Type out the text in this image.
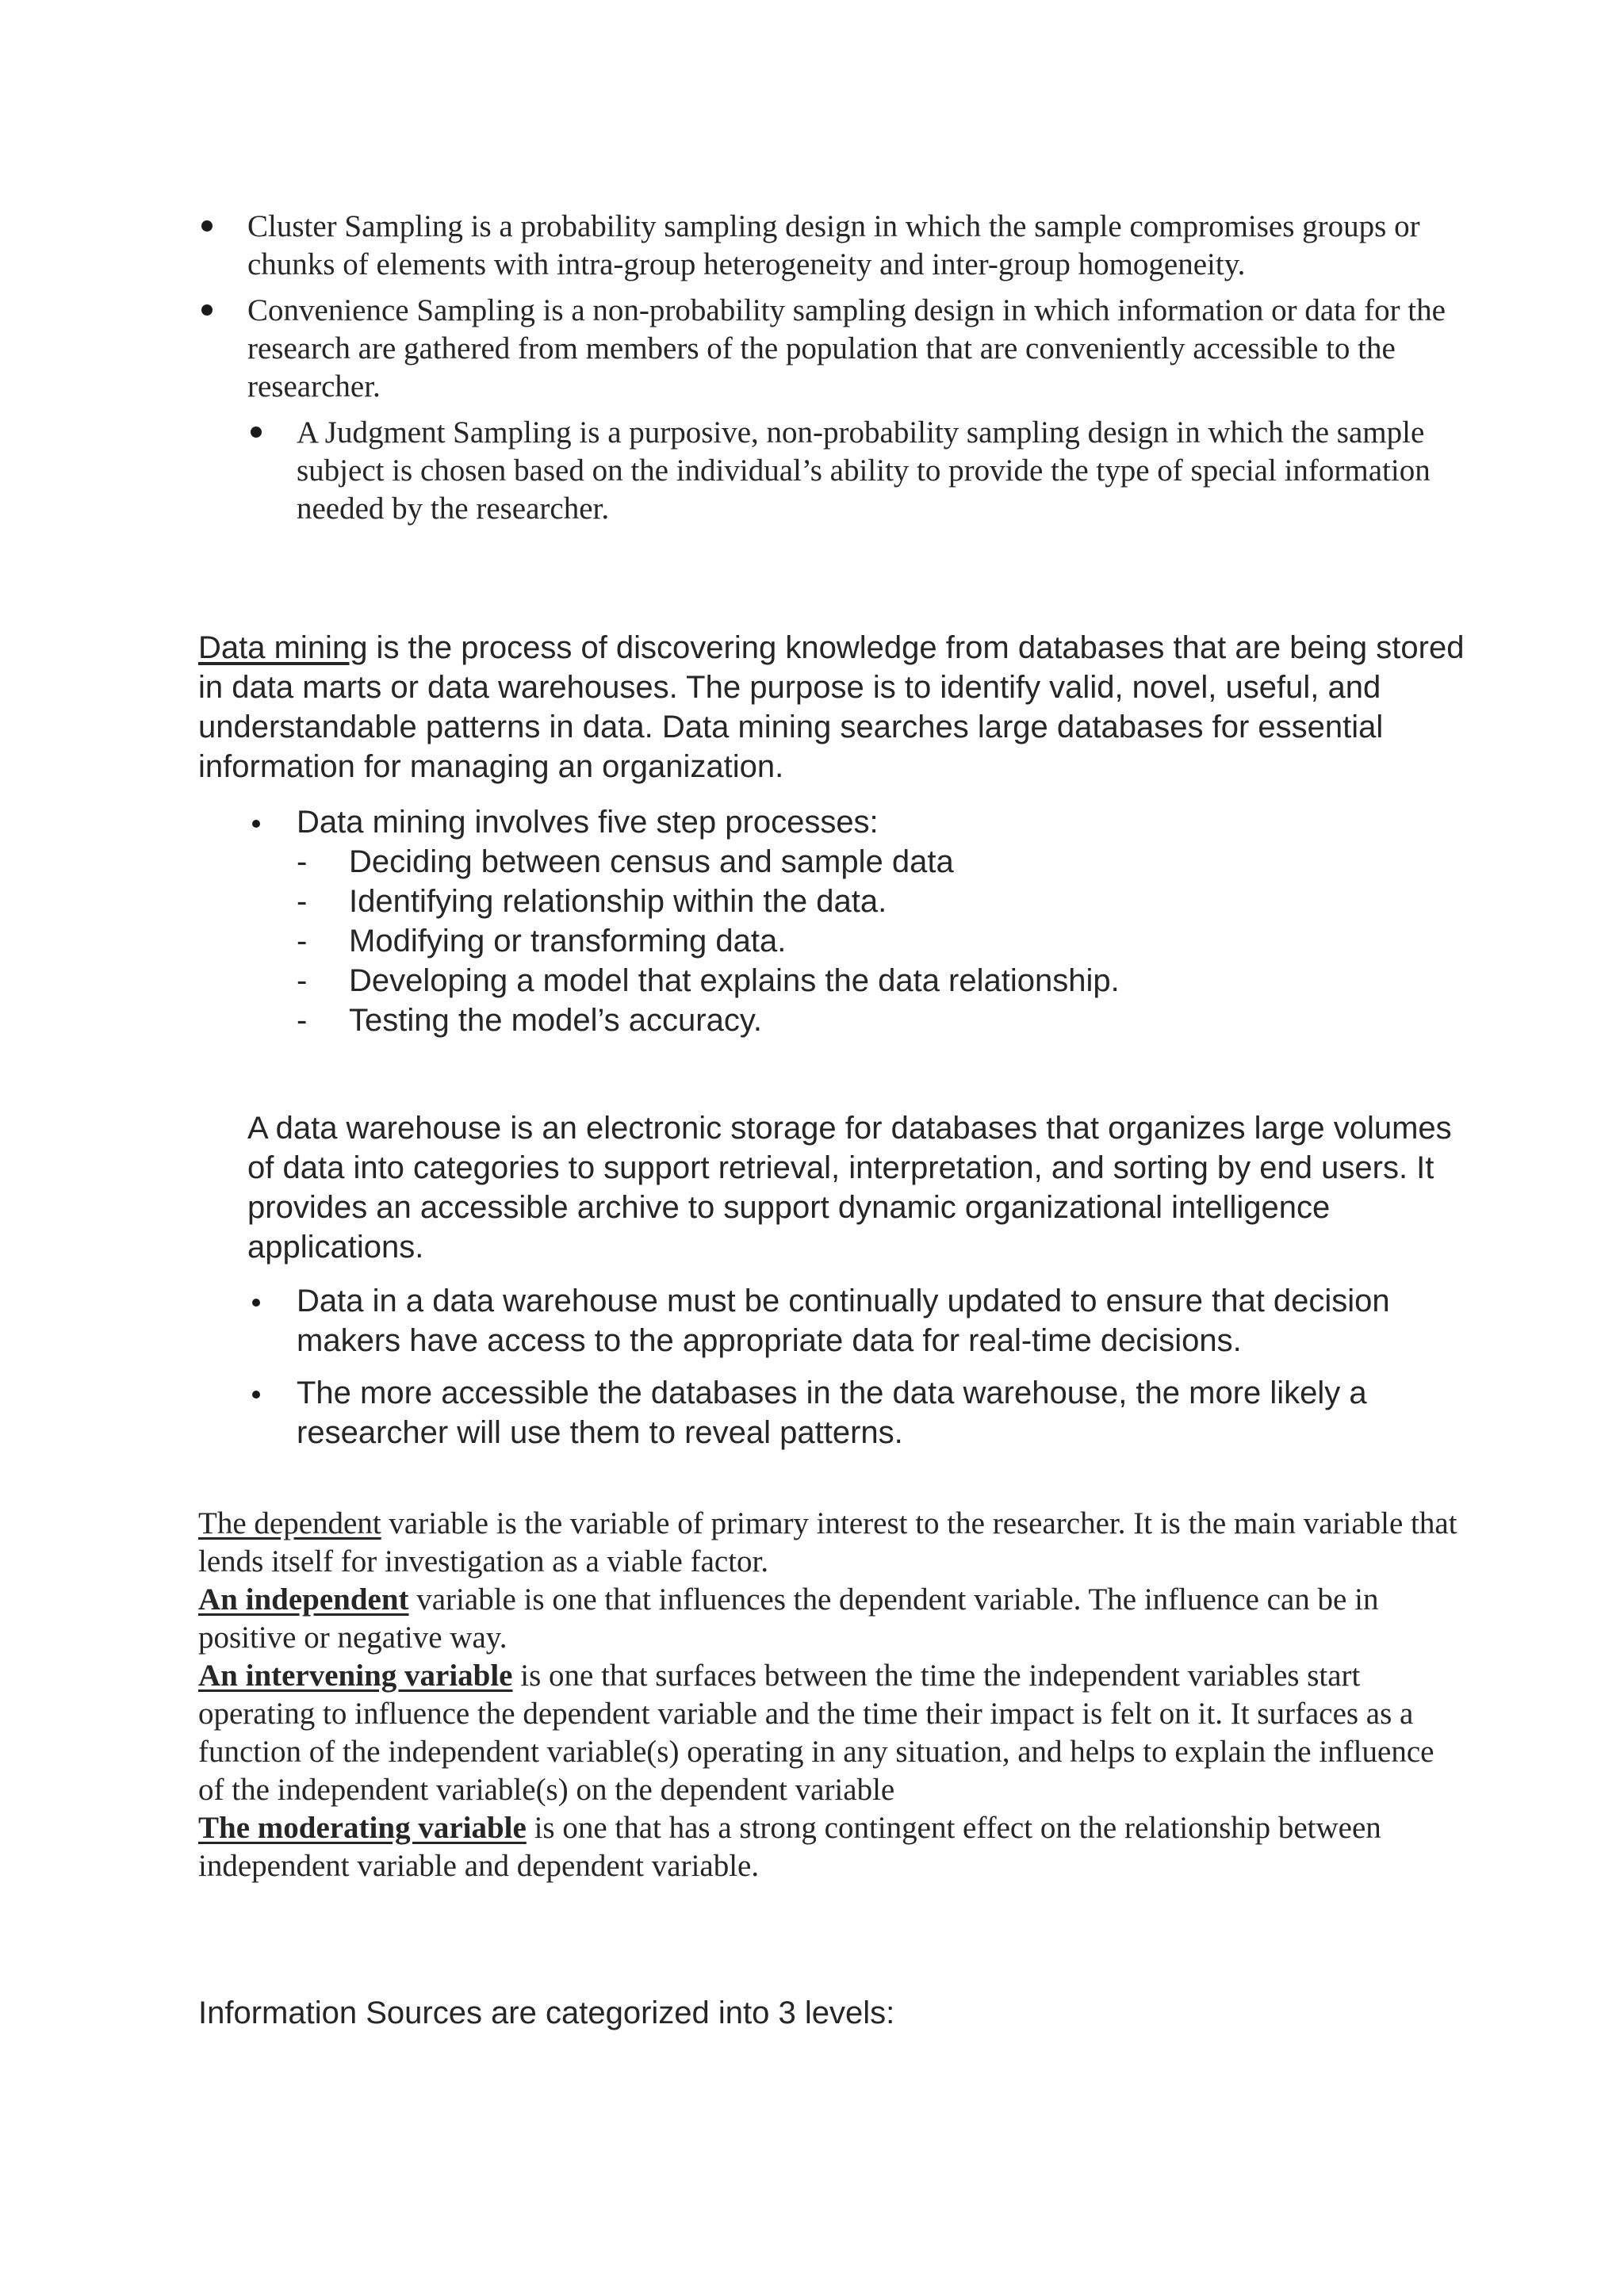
Cluster Sampling is a probability sampling design in which the sample compromises groups or chunks of elements with intra-group heterogeneity and inter-group homogeneity.
Convenience Sampling is a non-probability sampling design in which information or data for the research are gathered from members of the population that are conveniently accessible to the researcher.
A Judgment Sampling is a purposive, non-probability sampling design in which the sample subject is chosen based on the individual’s ability to provide the type of special information needed by the researcher.

Data mining is the process of discovering knowledge from databases that are being stored in data marts or data warehouses. The purpose is to identify valid, novel, useful, and understandable patterns in data. Data mining searches large databases for essential information for managing an organization.

Data mining involves five step processes:
- Deciding between census and sample data
- Identifying relationship within the data.
- Modifying or transforming data.
- Developing a model that explains the data relationship.
- Testing the model’s accuracy.

A data warehouse is an electronic storage for databases that organizes large volumes of data into categories to support retrieval, interpretation, and sorting by end users. It provides an accessible archive to support dynamic organizational intelligence applications.

Data in a data warehouse must be continually updated to ensure that decision makers have access to the appropriate data for real-time decisions.
The more accessible the databases in the data warehouse, the more likely a researcher will use them to reveal patterns.

The dependent variable is the variable of primary interest to the researcher. It is the main variable that lends itself for investigation as a viable factor.

An independent variable is one that influences the dependent variable. The influence can be in positive or negative way.

An intervening variable is one that surfaces between the time the independent variables start operating to influence the dependent variable and the time their impact is felt on it. It surfaces as a function of the independent variable(s) operating in any situation, and helps to explain the influence of the independent variable(s) on the dependent variable

The moderating variable is one that has a strong contingent effect on the relationship between independent variable and dependent variable.

Information Sources are categorized into 3 levels:
